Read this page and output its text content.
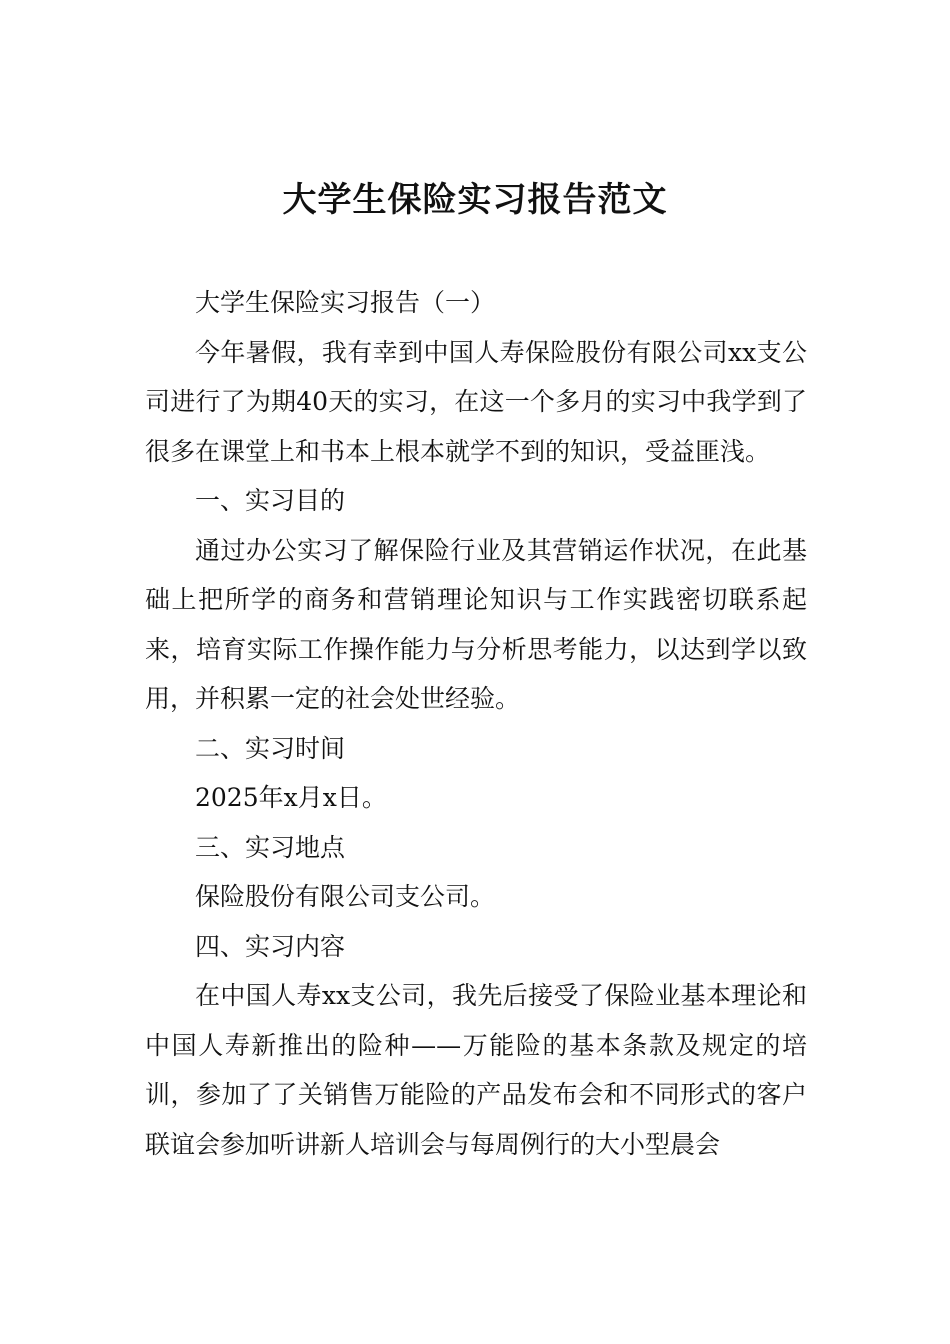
大学生保险实习报告范文

大学生保险实习报告（一）

今年暑假，我有幸到中国人寿保险股份有限公司xx支公司进行了为期40天的实习，在这一个多月的实习中我学到了很多在课堂上和书本上根本就学不到的知识，受益匪浅。

一、实习目的

通过办公实习了解保险行业及其营销运作状况，在此基础上把所学的商务和营销理论知识与工作实践密切联系起来，培育实际工作操作能力与分析思考能力，以达到学以致用，并积累一定的社会处世经验。

二、实习时间

2025年x月x日。

三、实习地点

保险股份有限公司支公司。

四、实习内容

在中国人寿xx支公司，我先后接受了保险业基本理论和中国人寿新推出的险种——万能险的基本条款及规定的培训，参加了了关销售万能险的产品发布会和不同形式的客户联谊会参加听讲新人培训会与每周例行的大小型晨会
